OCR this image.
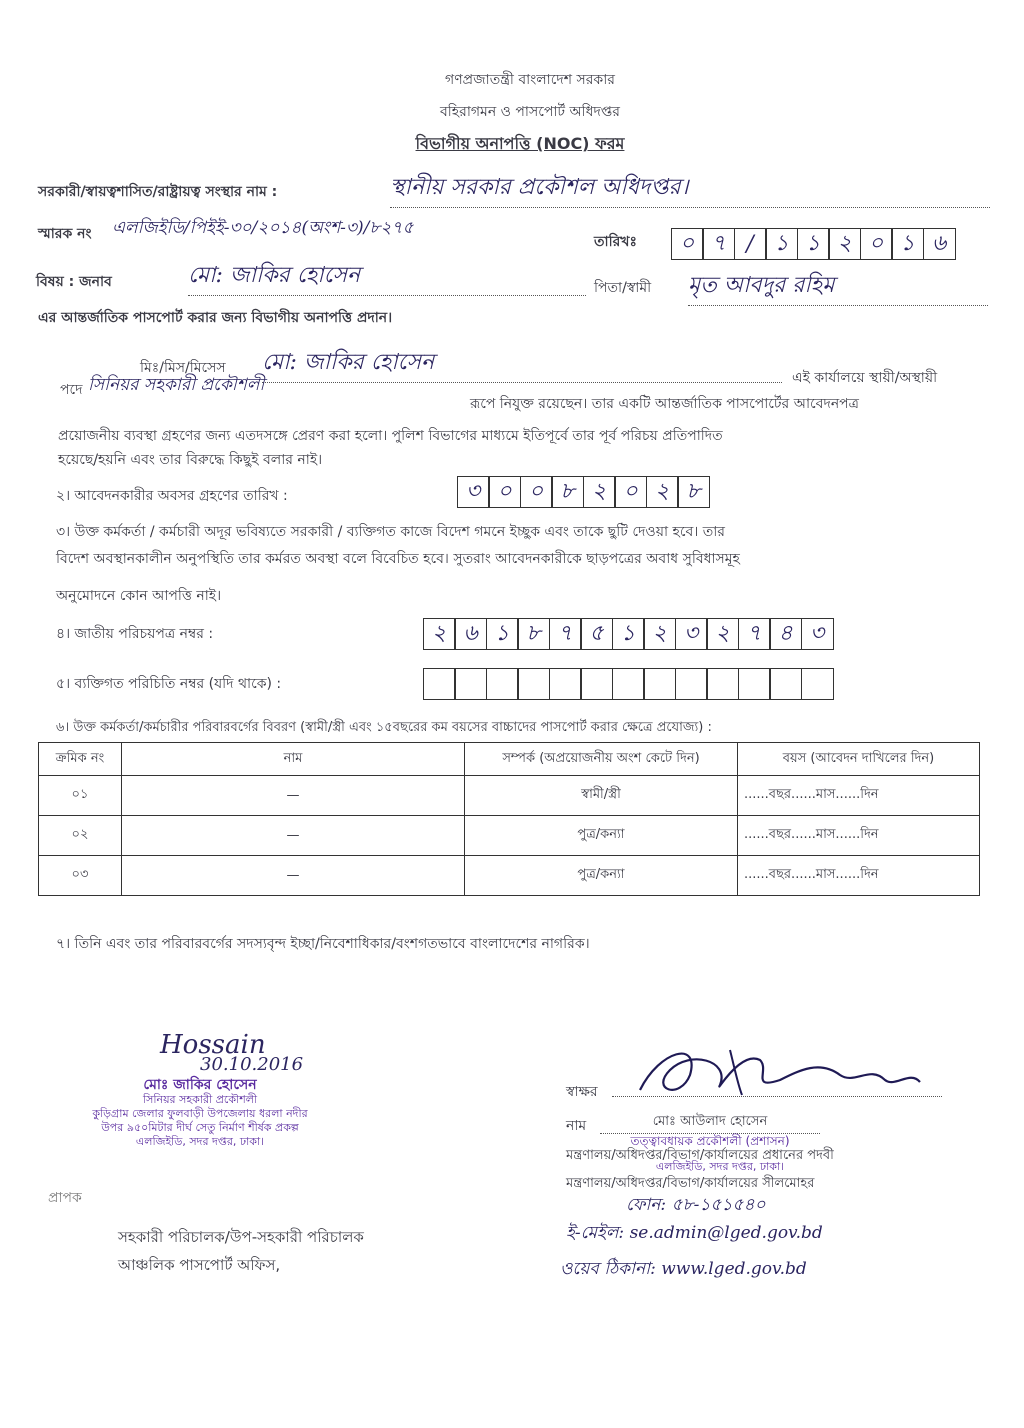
গণপ্রজাতন্ত্রী বাংলাদেশ সরকার
বহিরাগমন ও পাসপোর্ট অধিদপ্তর
বিভাগীয় অনাপত্তি (NOC) ফরম
সরকারী/স্বায়ত্বশাসিত/রাষ্ট্রায়ত্ব সংস্থার নাম :	স্থানীয় সরকার প্রকৌশল অধিদপ্তর।
স্মারক নং এলজিইডি/পিইই-৩০/২০১৪(অংশ-৩)/৮২৭৫
তারিখঃ	০ ৭ / ১ ১ ২ ০ ১ ৬
বিষয় : জনাব	মো: জাকির হোসেন	পিতা/স্বামী মৃত আবদুর রহিম
এর আন্তর্জাতিক পাসপোর্ট করার জন্য বিভাগীয় অনাপত্তি প্রদান।
মিঃ/মিস/মিসেস মো: জাকির হোসেন
এই কার্যালয়ে স্থায়ী/অস্থায়ী
পদে সিনিয়র সহকারী প্রকৌশলী
রূপে নিযুক্ত রয়েছেন। তার একটি আন্তর্জাতিক পাসপোর্টের আবেদনপত্র
প্রয়োজনীয় ব্যবস্থা গ্রহণের জন্য এতদসঙ্গে প্রেরণ করা হলো। পুলিশ বিভাগের মাধ্যমে ইতিপূর্বে তার পূর্ব পরিচয় প্রতিপাদিত
হয়েছে/হয়নি এবং তার বিরুদ্ধে কিছুই বলার নাই।
২। আবেদনকারীর অবসর গ্রহণের তারিখ :	৩ ০ ০ ৮ ২ ০ ২ ৮
৩। উক্ত কর্মকর্তা / কর্মচারী অদূর ভবিষ্যতে সরকারী / ব্যক্তিগত কাজে বিদেশ গমনে ইচ্ছুক এবং তাকে ছুটি দেওয়া হবে। তার
বিদেশ অবস্থানকালীন অনুপস্থিতি তার কর্মরত অবস্থা বলে বিবেচিত হবে। সুতরাং আবেদনকারীকে ছাড়পত্রের অবাধ সুবিধাসমূহ
অনুমোদনে কোন আপত্তি নাই।
৪। জাতীয় পরিচয়পত্র নম্বর :	২ ৬ ১ ৮ ৭ ৫ ১ ২ ৩ ২ ৭ ৪ ৩
৫। ব্যক্তিগত পরিচিতি নম্বর (যদি থাকে) :
৬। উক্ত কর্মকর্তা/কর্মচারীর পরিবারবর্গের বিবরণ (স্বামী/স্ত্রী এবং ১৫বছরের কম বয়সের বাচ্চাদের পাসপোর্ট করার ক্ষেত্রে প্রযোজ্য) :
ক্রমিক নং	নাম	সম্পর্ক (অপ্রয়োজনীয় অংশ কেটে দিন)	বয়স (আবেদন দাখিলের দিন)
০১	—	স্বামী/স্ত্রী	......বছর......মাস......দিন
০২	—	পুত্র/কন্যা	......বছর......মাস......দিন
০৩	—	পুত্র/কন্যা	......বছর......মাস......দিন
৭। তিনি এবং তার পরিবারবর্গের সদস্যবৃন্দ ইচ্ছা/নিবেশাধিকার/বংশগতভাবে বাংলাদেশের নাগরিক।
Hossain
30.10.2016
মোঃ জাকির হোসেন
সিনিয়র সহকারী প্রকৌশলী
কুড়িগ্রাম জেলার ফুলবাড়ী উপজেলায় ধরলা নদীর
উপর ৯৫০মিটার দীর্ঘ সেতু নির্মাণ শীর্ষক প্রকল্প
এলজিইডি, সদর দপ্তর, ঢাকা।
স্বাক্ষর
নাম	মোঃ আউলাদ হোসেন
তত্ত্বাবধায়ক প্রকৌশলী (প্রশাসন)
মন্ত্রণালয়/অধিদপ্তর/বিভাগ/কার্যালয়ের প্রধানের পদবী
এলজিইডি, সদর দপ্তর, ঢাকা।
মন্ত্রণালয়/অধিদপ্তর/বিভাগ/কার্যালয়ের সীলমোহর
ফোন: ৫৮-১৫১৫৪০
ই-মেইল: se.admin@lged.gov.bd
ওয়েব ঠিকানা: www.lged.gov.bd
প্রাপক
সহকারী পরিচালক/উপ-সহকারী পরিচালক
আঞ্চলিক পাসপোর্ট অফিস,
